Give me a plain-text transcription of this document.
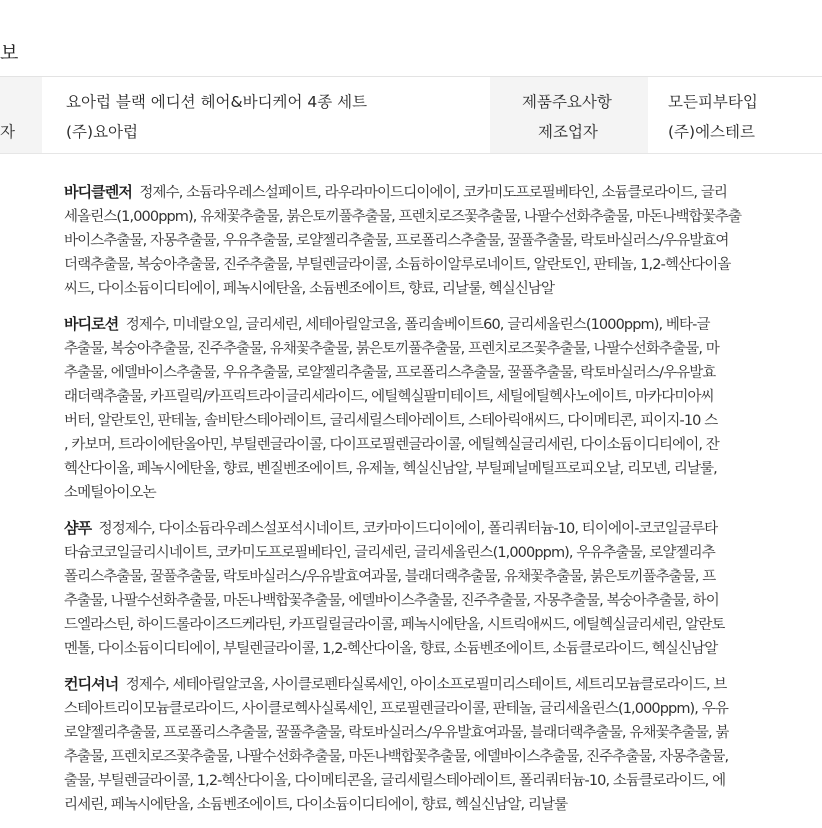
보
자
요아럽 블랙 에디션 헤어&바디케어 4종 세트
(주)요아럽
제품주요사항
제조업자
모든피부타입
(주)에스테르
바디클렌저 정제수, 소듐라우레스설페이트, 라우라마이드디이에이, 코카미도프로필베타인, 소듐클로라이드, 글리
세올린스(1,000ppm), 유채꽃추출물, 붉은토끼풀추출물, 프렌치로즈꽃추출물, 나팔수선화추출물, 마돈나백합꽃추출
바이스추출물, 자몽추출물, 우유추출물, 로얄젤리추출물, 프로폴리스추출물, 꿀풀추출물, 락토바실러스/우유발효여
더랙추출물, 복숭아추출물, 진주추출물, 부틸렌글라이콜, 소듐하이알루로네이트, 알란토인, 판테놀, 1,2-헥산다이올
씨드, 다이소듐이디티에이, 페녹시에탄올, 소듐벤조에이트, 향료, 리날룰, 헥실신남알
바디로션 정제수, 미네랄오일, 글리세린, 세테아릴알코올, 폴리솔베이트60, 글리세올린스(1000ppm), 베타-글
추출물, 복숭아추출물, 진주추출물, 유채꽃추출물, 붉은토끼풀추출물, 프렌치로즈꽃추출물, 나팔수선화추출물, 마
추출물, 에델바이스추출물, 우유추출물, 로얄젤리추출물, 프로폴리스추출물, 꿀풀추출물, 락토바실러스/우유발효
래더랙추출물, 카프릴릭/카프릭트라이글리세라이드, 에틸헥실팔미테이트, 세틸에틸헥사노에이트, 마카다미아씨
버터, 알란토인, 판테놀, 솔비탄스테아레이트, 글리세릴스테아레이트, 스테아릭애씨드, 다이메티콘, 피이지-10 스
, 카보머, 트라이에탄올아민, 부틸렌글라이콜, 다이프로필렌글라이콜, 에틸헥실글리세린, 다이소듐이디티에이, 잔
헥산다이올, 페녹시에탄올, 향료, 벤질벤조에이트, 유제놀, 헥실신남알, 부틸페닐메틸프로피오날, 리모넨, 리날룰,
소메틸아이오논
샴푸 정정제수, 다이소듐라우레스설포석시네이트, 코카마이드디이에이, 폴리쿼터늄-10, 티이에이-코코일글루타
타슘코코일글리시네이트, 코카미도프로필베타인, 글리세린, 글리세올린스(1,000ppm), 우유추출물, 로얄젤리추
폴리스추출물, 꿀풀추출물, 락토바실러스/우유발효여과물, 블래더랙추출물, 유채꽃추출물, 붉은토끼풀추출물, 프
추출물, 나팔수선화추출물, 마돈나백합꽃추출물, 에델바이스추출물, 진주추출물, 자몽추출물, 복숭아추출물, 하이
드엘라스틴, 하이드롤라이즈드케라틴, 카프릴릴글라이콜, 페녹시에탄올, 시트릭애씨드, 에틸헥실글리세린, 알란토
멘톨, 다이소듐이디티에이, 부틸렌글라이콜, 1,2-헥산다이올, 향료, 소듐벤조에이트, 소듐클로라이드, 헥실신남알
컨디셔너 정제수, 세테아릴알코올, 사이클로펜타실록세인, 아이소프로필미리스테이트, 세트리모늄클로라이드, 브
스테아트리이모늄클로라이드, 사이클로헥사실록세인, 프로필렌글라이콜, 판테놀, 글리세올린스(1,000ppm), 우유
로얄젤리추출물, 프로폴리스추출물, 꿀풀추출물, 락토바실러스/우유발효여과물, 블래더랙추출물, 유채꽃추출물, 붉
추출물, 프렌치로즈꽃추출물, 나팔수선화추출물, 마돈나백합꽃추출물, 에델바이스추출물, 진주추출물, 자몽추출물,
출물, 부틸렌글라이콜, 1,2-헥산다이올, 다이메티콘올, 글리세릴스테아레이트, 폴리쿼터늄-10, 소듐클로라이드, 에
리세린, 페녹시에탄올, 소듐벤조에이트, 다이소듐이디티에이, 향료, 헥실신남알, 리날룰
